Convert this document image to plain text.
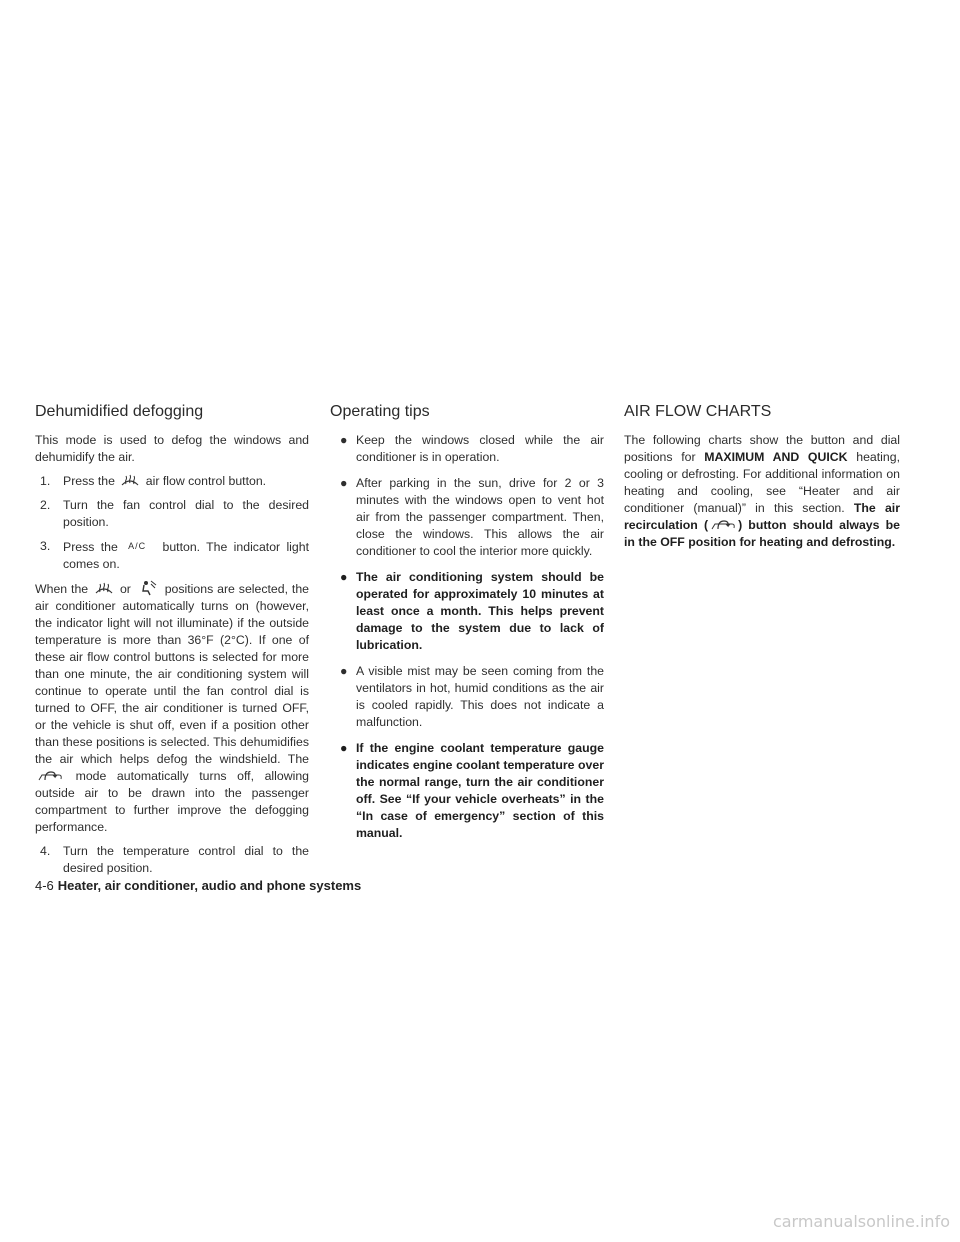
Dehumidified defogging

This mode is used to defog the windows and dehumidify the air.

1. Press the	air flow control button.
2. Turn the fan control dial to the desired position.
3. Press the A/C button. The indicator light comes on.

When the	or	positions are selected, the air conditioner automatically turns on (however, the indicator light will not illuminate) if the outside temperature is more than 36°F (2°C). If one of these air flow control buttons is selected for more than one minute, the air conditioning system will continue to operate until the fan control dial is turned to OFF, the air conditioner is turned OFF, or the vehicle is shut off, even if a position other than these positions is selected. This dehumidifies the air which helps defog the windshield. The
mode automatically turns off, allowing outside air to be drawn into the passenger compartment to further improve the defogging performance.

4. Turn the temperature control dial to the desired position.
Operating tips
● Keep the windows closed while the air conditioner is in operation.
● After parking in the sun, drive for 2 or 3 minutes with the windows open to vent hot air from the passenger compartment. Then, close the windows. This allows the air conditioner to cool the interior more quickly.
● The air conditioning system should be operated for approximately 10 minutes at least once a month. This helps prevent damage to the system due to lack of lubrication.
● A visible mist may be seen coming from the ventilators in hot, humid conditions as the air is cooled rapidly. This does not indicate a malfunction.
● If the engine coolant temperature gauge indicates engine coolant temperature over the normal range, turn the air conditioner off. See “If your vehicle overheats” in the “In case of emergency” section of this manual.
AIR FLOW CHARTS

The following charts show the button and dial positions for MAXIMUM AND QUICK heating, cooling or defrosting. For additional information on heating and cooling, see “Heater and air conditioner (manual)” in this section. The air recirculation ( ) button should always be in the OFF position for heating and defrosting.

4-6 Heater, air conditioner, audio and phone systems
carmanualsonline.info
